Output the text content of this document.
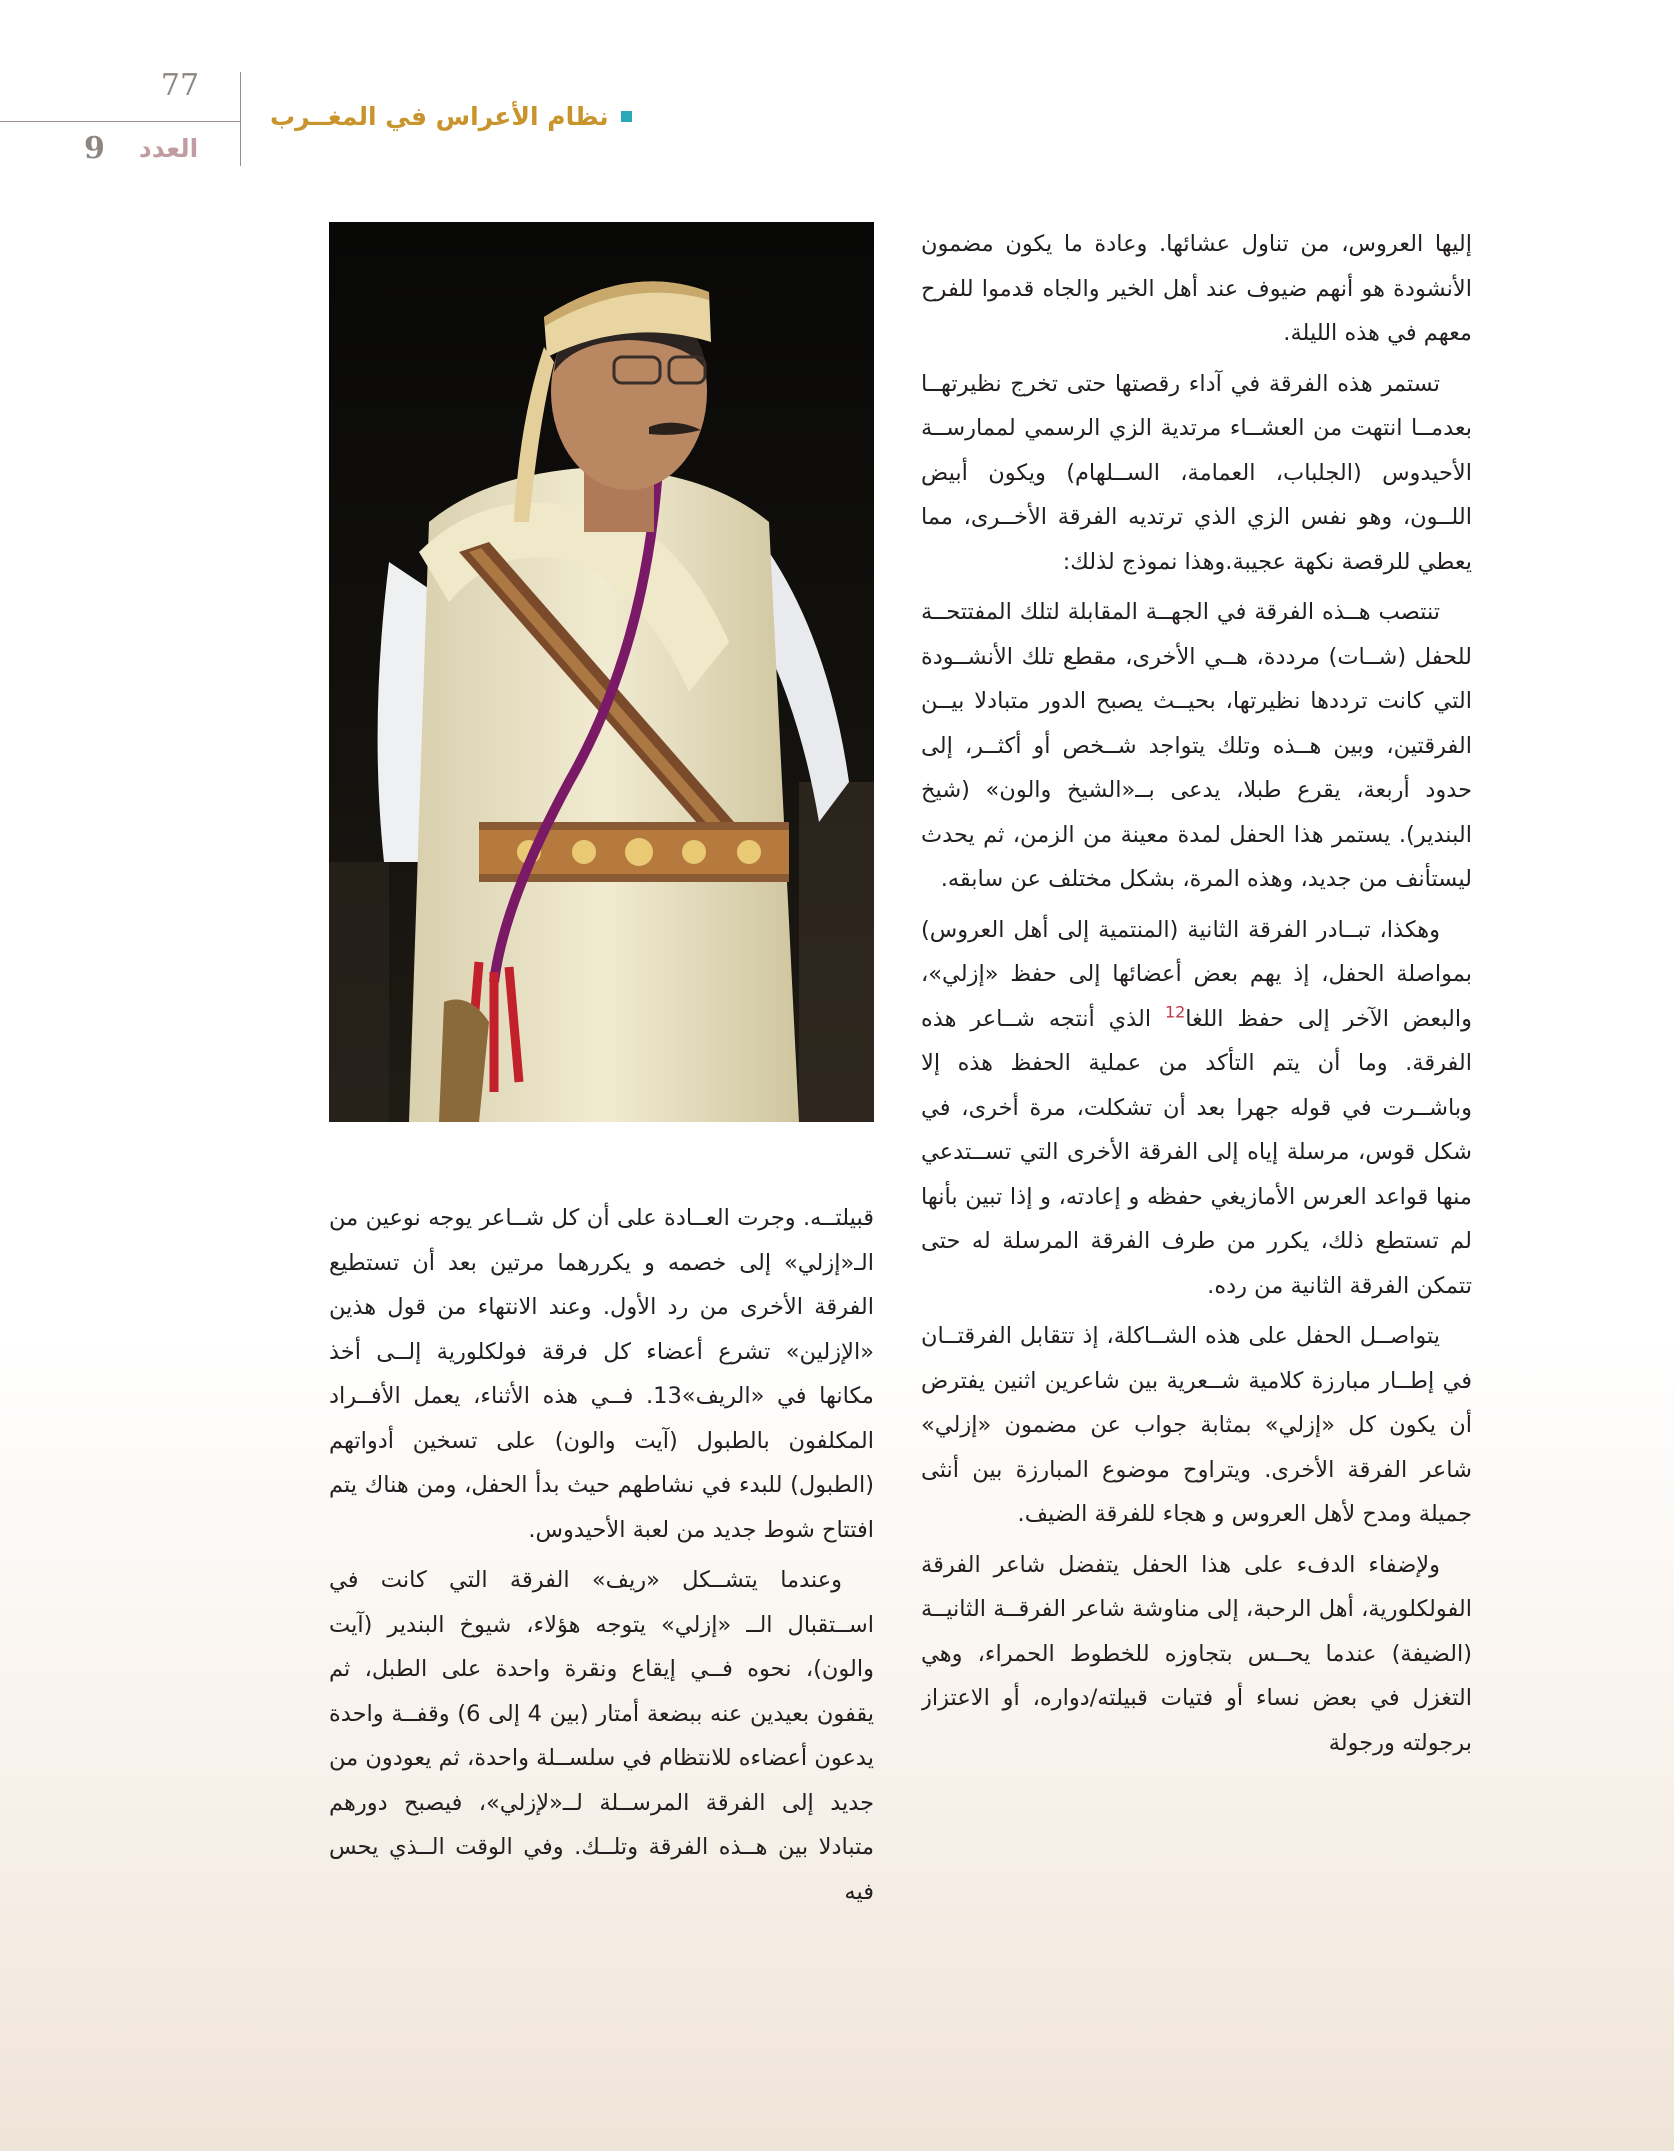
77
العدد
9
نظام الأعراس في المغــرب

إليها العروس، من تناول عشائها. وعادة ما يكون مضمون الأنشودة هو أنهم ضيوف عند أهل الخير والجاه قدموا للفرح معهم في هذه الليلة.

تستمر هذه الفرقة في آداء رقصتها حتى تخرج نظيرتهــا بعدمــا انتهت من العشــاء مرتدية الزي الرسمي لممارســة الأحيدوس (الجلباب، العمامة، الســلهام) ويكون أبيض اللــون، وهو نفس الزي الذي ترتديه الفرقة الأخــرى، مما يعطي للرقصة نكهة عجيبة.وهذا نموذج لذلك:

تنتصب هــذه الفرقة في الجهــة المقابلة لتلك المفتتحــة للحفل (شــات) مرددة، هــي الأخرى، مقطع تلك الأنشــودة التي كانت ترددها نظيرتها، بحيــث يصبح الدور متبادلا بيــن الفرقتين، وبين هــذه وتلك يتواجد شــخص أو أكثــر، إلى حدود أربعة، يقرع طبلا، يدعى بــ«الشيخ والون» (شيخ البندير). يستمر هذا الحفل لمدة معينة من الزمن، ثم يحدث ليستأنف من جديد، وهذه المرة، بشكل مختلف عن سابقه.

وهكذا، تبــادر الفرقة الثانية (المنتمية إلى أهل العروس) بمواصلة الحفل، إذ يهم بعض أعضائها إلى حفظ «إزلي»، والبعض الآخر إلى حفظ اللغا$^{12}$ الذي أنتجه شــاعر هذه الفرقة. وما أن يتم التأكد من عملية الحفظ هذه إلا وباشــرت في قوله جهرا بعد أن تشكلت، مرة أخرى، في شكل قوس، مرسلة إياه إلى الفرقة الأخرى التي تســتدعي منها قواعد العرس الأمازيغي حفظه و إعادته، و إذا تبين بأنها لم تستطع ذلك، يكرر من طرف الفرقة المرسلة له حتى تتمكن الفرقة الثانية من رده.

يتواصــل الحفل على هذه الشــاكلة، إذ تتقابل الفرقتــان في إطــار مبارزة كلامية شــعرية بين شاعرين اثنين يفترض أن يكون كل «إزلي» بمثابة جواب عن مضمون «إزلي» شاعر الفرقة الأخرى. ويتراوح موضوع المبارزة بين أنثى جميلة ومدح لأهل العروس و هجاء للفرقة الضيف.

ولإضفاء الدفء على هذا الحفل يتفضل شاعر الفرقة الفولكلورية، أهل الرحبة، إلى مناوشة شاعر الفرقــة الثانيــة (الضيفة) عندما يحــس بتجاوزه للخطوط الحمراء، وهي التغزل في بعض نساء أو فتيات قبيلته/دواره، أو الاعتزاز برجولته ورجولة

قبيلتــه. وجرت العــادة على أن كل شــاعر يوجه نوعين من الـ«إزلي» إلى خصمه و يكررهما مرتين بعد أن تستطيع الفرقة الأخرى من رد الأول. وعند الانتهاء من قول هذين «الإزلين» تشرع أعضاء كل فرقة فولكلورية إلــى أخذ مكانها في «الريف»13. فــي هذه الأثناء، يعمل الأفــراد المكلفون بالطبول (آيت والون) على تسخين أدواتهم (الطبول) للبدء في نشاطهم حيث بدأ الحفل، ومن هناك يتم افتتاح شوط جديد من لعبة الأحيدوس.

وعندما يتشــكل «ريف» الفرقة التي كانت في اســتقبال الــ «إزلي» يتوجه هؤلاء، شيوخ البندير (آيت والون)، نحوه فــي إيقاع ونقرة واحدة على الطبل، ثم يقفون بعيدين عنه ببضعة أمتار (بين 4 إلى 6) وقفــة واحدة يدعون أعضاءه للانتظام في سلســلة واحدة، ثم يعودون من جديد إلى الفرقة المرســلة لــ«لإزلي»، فيصبح دورهم متبادلا بين هــذه الفرقة وتلــك. وفي الوقت الــذي يحس فيه
